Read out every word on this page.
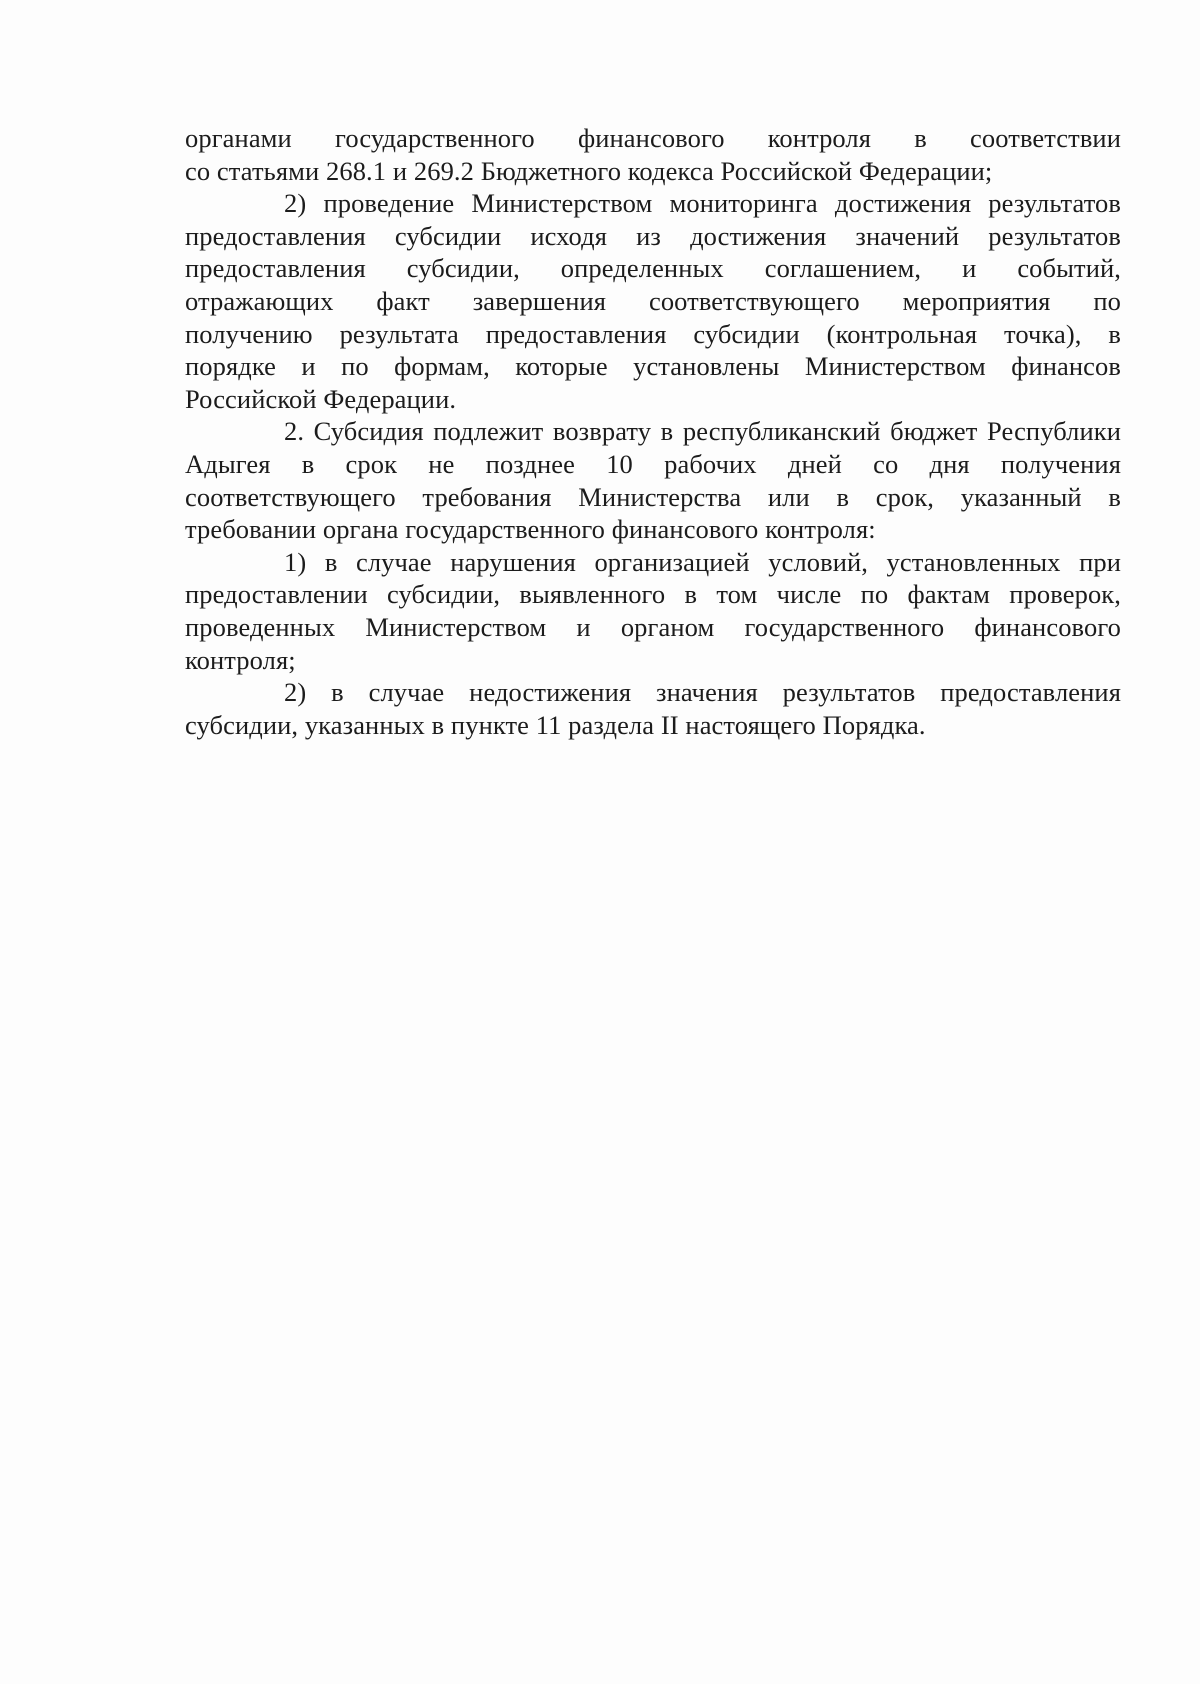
органами государственного финансового контроля в соответствии
со статьями 268.1 и 269.2 Бюджетного кодекса Российской Федерации;
2) проведение Министерством мониторинга достижения результатов
предоставления субсидии исходя из достижения значений результатов
предоставления субсидии, определенных соглашением, и событий,
отражающих факт завершения соответствующего мероприятия по
получению результата предоставления субсидии (контрольная точка), в
порядке и по формам, которые установлены Министерством финансов
Российской Федерации.
2. Субсидия подлежит возврату в республиканский бюджет Республики
Адыгея в срок не позднее 10 рабочих дней со дня получения
соответствующего требования Министерства или в срок, указанный в
требовании органа государственного финансового контроля:
1) в случае нарушения организацией условий, установленных при
предоставлении субсидии, выявленного в том числе по фактам проверок,
проведенных Министерством и органом государственного финансового
контроля;
2) в случае недостижения значения результатов предоставления
субсидии, указанных в пункте 11 раздела II настоящего Порядка.
